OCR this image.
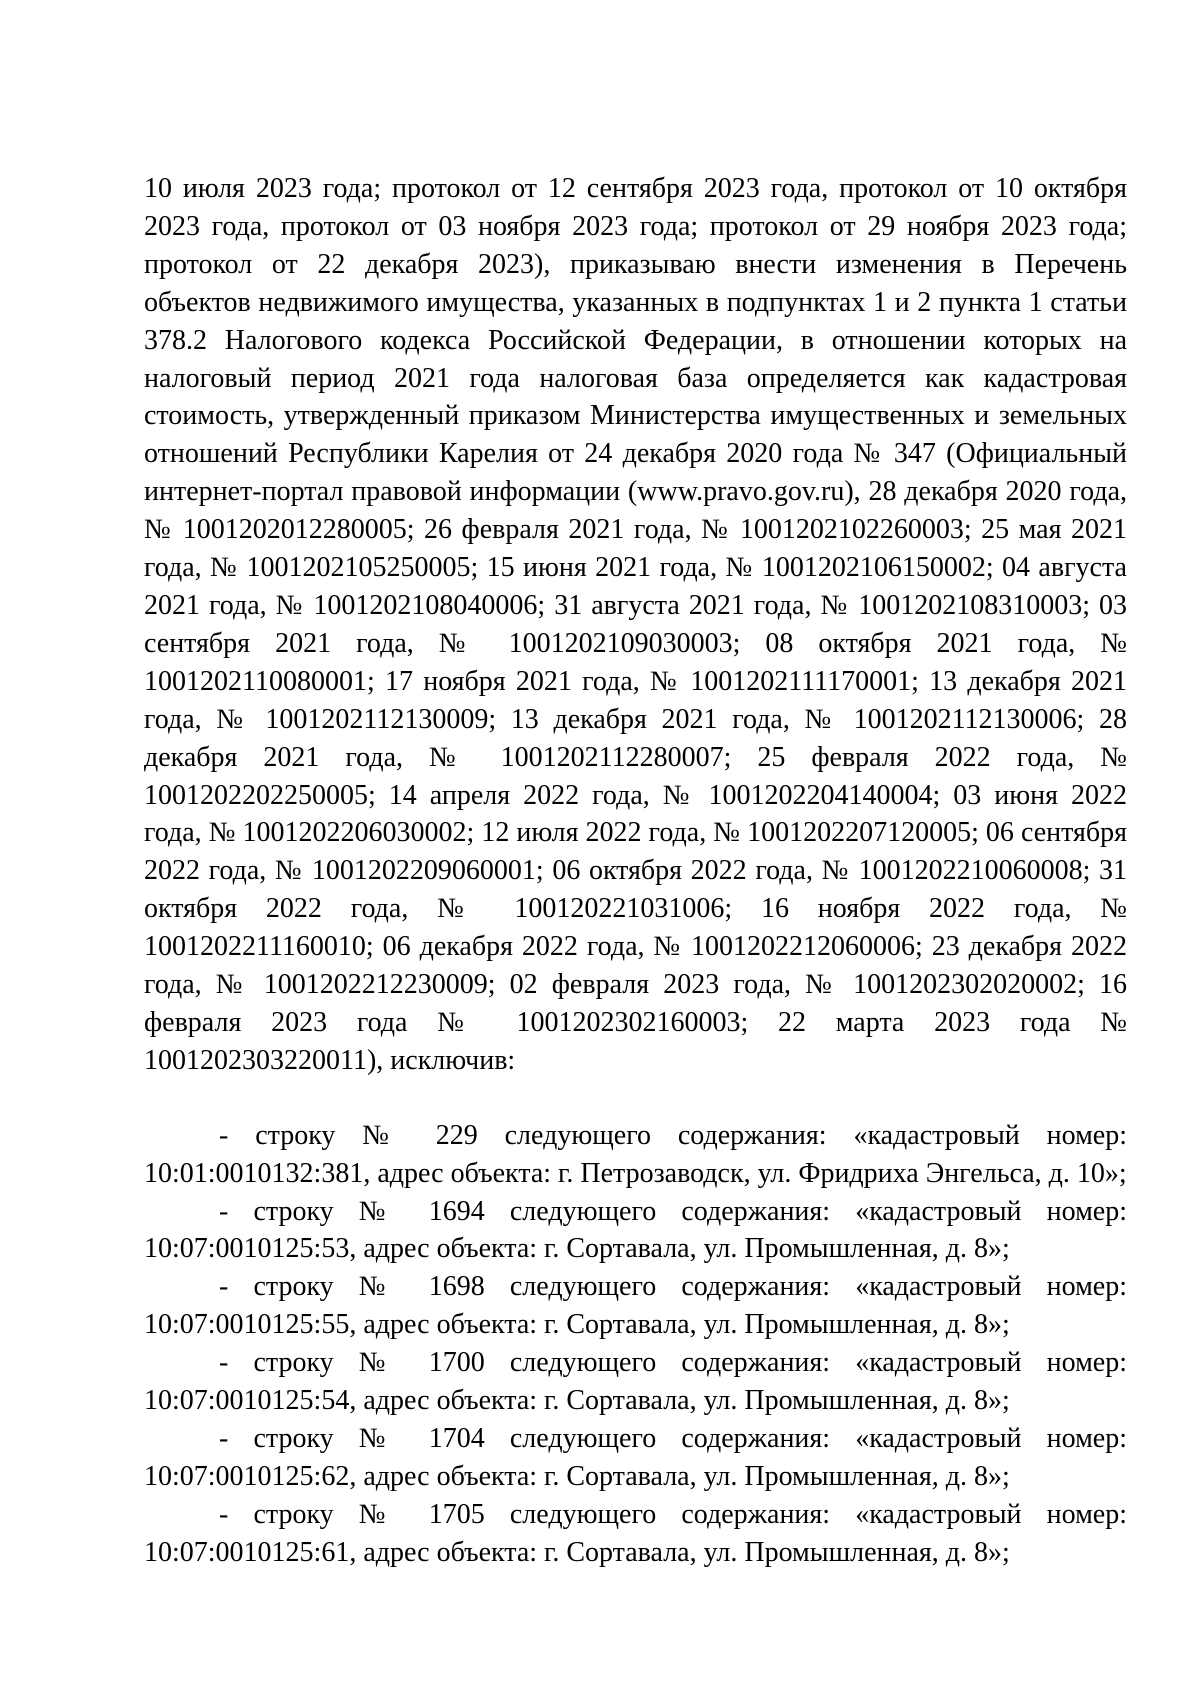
10 июля 2023 года; протокол от 12 сентября 2023 года, протокол от 10 октября 2023 года, протокол от 03 ноября 2023 года; протокол от 29 ноября 2023 года; протокол от 22 декабря 2023), приказываю внести изменения в Перечень объектов недвижимого имущества, указанных в подпунктах 1 и 2 пункта 1 статьи 378.2 Налогового кодекса Российской Федерации, в отношении которых на налоговый период 2021 года налоговая база определяется как кадастровая стоимость, утвержденный приказом Министерства имущественных и земельных отношений Республики Карелия от 24 декабря 2020 года № 347 (Официальный интернет-портал правовой информации (www.pravo.gov.ru), 28 декабря 2020 года, № 1001202012280005; 26 февраля 2021 года, № 1001202102260003; 25 мая 2021 года, № 1001202105250005; 15 июня 2021 года, № 1001202106150002; 04 августа 2021 года, № 1001202108040006; 31 августа 2021 года, № 1001202108310003; 03 сентября 2021 года, № 1001202109030003; 08 октября 2021 года, № 1001202110080001; 17 ноября 2021 года, № 1001202111170001; 13 декабря 2021 года, № 1001202112130009; 13 декабря 2021 года, № 1001202112130006; 28 декабря 2021 года, № 1001202112280007; 25 февраля 2022 года, № 1001202202250005; 14 апреля 2022 года, № 1001202204140004; 03 июня 2022 года, № 1001202206030002; 12 июля 2022 года, № 1001202207120005; 06 сентября 2022 года, № 1001202209060001; 06 октября 2022 года, № 1001202210060008; 31 октября 2022 года, № 100120221031006; 16 ноября 2022 года, № 1001202211160010; 06 декабря 2022 года, № 1001202212060006; 23 декабря 2022 года, № 1001202212230009; 02 февраля 2023 года, № 1001202302020002; 16 февраля 2023 года № 1001202302160003; 22 марта 2023 года № 1001202303220011), исключив:

- строку № 229 следующего содержания: «кадастровый номер: 10:01:0010132:381, адрес объекта: г. Петрозаводск, ул. Фридриха Энгельса, д. 10»;

- строку № 1694 следующего содержания: «кадастровый номер: 10:07:0010125:53, адрес объекта: г. Сортавала, ул. Промышленная, д. 8»;

- строку № 1698 следующего содержания: «кадастровый номер: 10:07:0010125:55, адрес объекта: г. Сортавала, ул. Промышленная, д. 8»;

- строку № 1700 следующего содержания: «кадастровый номер: 10:07:0010125:54, адрес объекта: г. Сортавала, ул. Промышленная, д. 8»;

- строку № 1704 следующего содержания: «кадастровый номер: 10:07:0010125:62, адрес объекта: г. Сортавала, ул. Промышленная, д. 8»;

- строку № 1705 следующего содержания: «кадастровый номер: 10:07:0010125:61, адрес объекта: г. Сортавала, ул. Промышленная, д. 8»;
